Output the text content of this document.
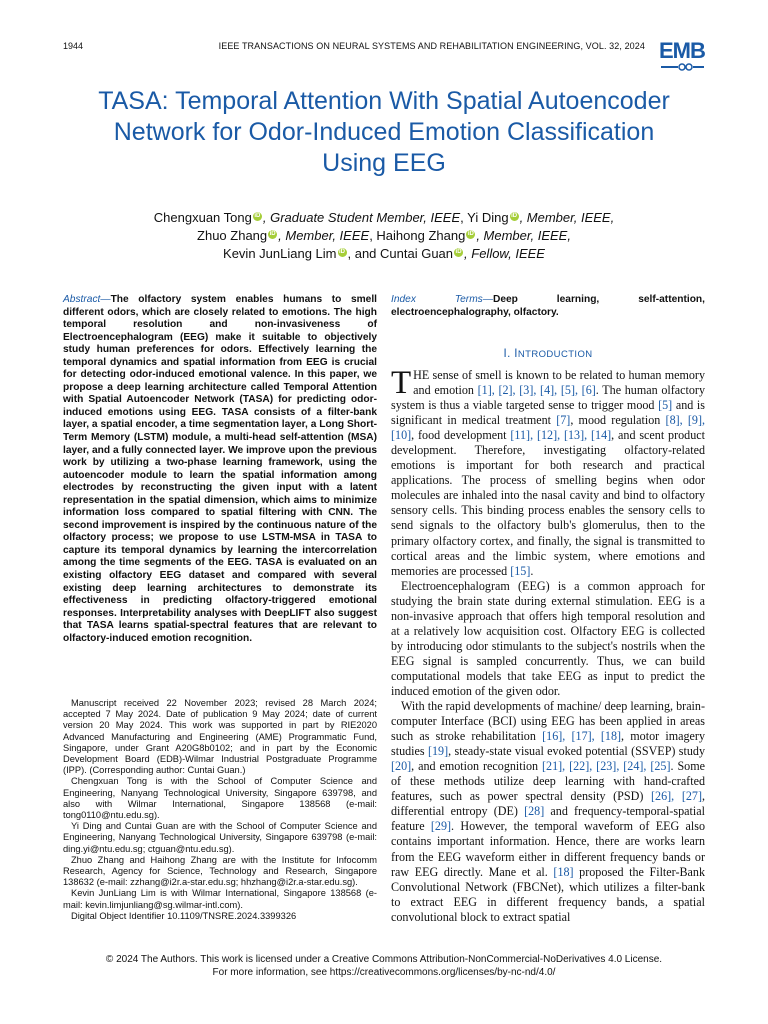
1944	IEEE TRANSACTIONS ON NEURAL SYSTEMS AND REHABILITATION ENGINEERING, VOL. 32, 2024 EMB
TASA: Temporal Attention With Spatial Autoencoder Network for Odor-Induced Emotion Classification Using EEG
Chengxuan Tong iD , Graduate Student Member, IEEE, Yi Ding iD , Member, IEEE,
Zhuo Zhang iD , Member, IEEE, Haihong Zhang iD , Member, IEEE,
Kevin JunLiang Lim iD , and Cuntai Guan iD , Fellow, IEEE
Abstract—The olfactory system enables humans to smell different odors, which are closely related to emotions. The high temporal resolution and non-invasiveness of Electroencephalogram (EEG) make it suitable to objectively study human preferences for odors. Effectively learning the temporal dynamics and spatial information from EEG is crucial for detecting odor-induced emotional valence. In this paper, we propose a deep learning architecture called Temporal Attention with Spatial Autoencoder Network (TASA) for predicting odor-induced emotions using EEG. TASA consists of a filter-bank layer, a spatial encoder, a time segmentation layer, a Long Short-Term Memory (LSTM) module, a multi-head self-attention (MSA) layer, and a fully connected layer. We improve upon the previous work by utilizing a two-phase learning framework, using the autoencoder module to learn the spatial information among electrodes by reconstructing the given input with a latent representation in the spatial dimension, which aims to minimize information loss compared to spatial filtering with CNN. The second improvement is inspired by the continuous nature of the olfactory process; we propose to use LSTM-MSA in TASA to capture its temporal dynamics by learning the intercorrelation among the time segments of the EEG. TASA is evaluated on an existing olfactory EEG dataset and compared with several existing deep learning architectures to demonstrate its effectiveness in predicting olfactory-triggered emotional responses. Interpretability analyses with DeepLIFT also suggest that TASA learns spatial-spectral features that are relevant to olfactory-induced emotion recognition.
Index Terms—Deep learning, self-attention, electroencephalography, olfactory.

Manuscript received 22 November 2023; revised 28 March 2024; accepted 7 May 2024. Date of publication 9 May 2024; date of current version 20 May 2024. This work was supported in part by RIE2020 Advanced Manufacturing and Engineering (AME) Programmatic Fund, Singapore, under Grant A20G8b0102; and in part by the Economic Development Board (EDB)-Wilmar Industrial Postgraduate Programme (IPP). (Corresponding author: Cuntai Guan.)

Chengxuan Tong is with the School of Computer Science and Engineering, Nanyang Technological University, Singapore 639798, and also with Wilmar International, Singapore 138568 (e-mail: tong0110@ntu.edu.sg).

Yi Ding and Cuntai Guan are with the School of Computer Science and Engineering, Nanyang Technological University, Singapore 639798 (e-mail: ding.yi@ntu.edu.sg; ctguan@ntu.edu.sg).

Zhuo Zhang and Haihong Zhang are with the Institute for Infocomm Research, Agency for Science, Technology and Research, Singapore 138632 (e-mail: zzhang@i2r.a-star.edu.sg; hhzhang@i2r.a-star.edu.sg).

Kevin JunLiang Lim is with Wilmar International, Singapore 138568 (e-mail: kevin.limjunliang@sg.wilmar-intl.com).

Digital Object Identifier 10.1109/TNSRE.2024.3399326

I. INTRODUCTION

THE sense of smell is known to be related to human memory and emotion [1], [2], [3], [4], [5], [6]. The human olfactory system is thus a viable targeted sense to trigger mood [5] and is significant in medical treatment [7], mood regulation [8], [9], [10], food development [11], [12], [13], [14], and scent product development. Therefore, investigating olfactory-related emotions is important for both research and practical applications. The process of smelling begins when odor molecules are inhaled into the nasal cavity and bind to olfactory sensory cells. This binding process enables the sensory cells to send signals to the olfactory bulb's glomerulus, then to the primary olfactory cortex, and finally, the signal is transmitted to cortical areas and the limbic system, where emotions and memories are processed [15].

Electroencephalogram (EEG) is a common approach for studying the brain state during external stimulation. EEG is a non-invasive approach that offers high temporal resolution and at a relatively low acquisition cost. Olfactory EEG is collected by introducing odor stimulants to the subject's nostrils when the EEG signal is sampled concurrently. Thus, we can build computational models that take EEG as input to predict the induced emotion of the given odor.

With the rapid developments of machine/ deep learning, brain-computer Interface (BCI) using EEG has been applied in areas such as stroke rehabilitation [16], [17], [18], motor imagery studies [19], steady-state visual evoked potential (SSVEP) study [20], and emotion recognition [21], [22], [23], [24], [25]. Some of these methods utilize deep learning with hand-crafted features, such as power spectral density (PSD) [26], [27], differential entropy (DE) [28] and frequency-temporal-spatial feature [29]. However, the temporal waveform of EEG also contains important information. Hence, there are works learn from the EEG waveform either in different frequency bands or raw EEG directly. Mane et al. [18] proposed the Filter-Bank Convolutional Network (FBCNet), which utilizes a filter-bank to extract EEG in different frequency bands, a spatial convolutional block to extract spatial

© 2024 The Authors. This work is licensed under a Creative Commons Attribution-NonCommercial-NoDerivatives 4.0 License.
For more information, see https://creativecommons.org/licenses/by-nc-nd/4.0/
